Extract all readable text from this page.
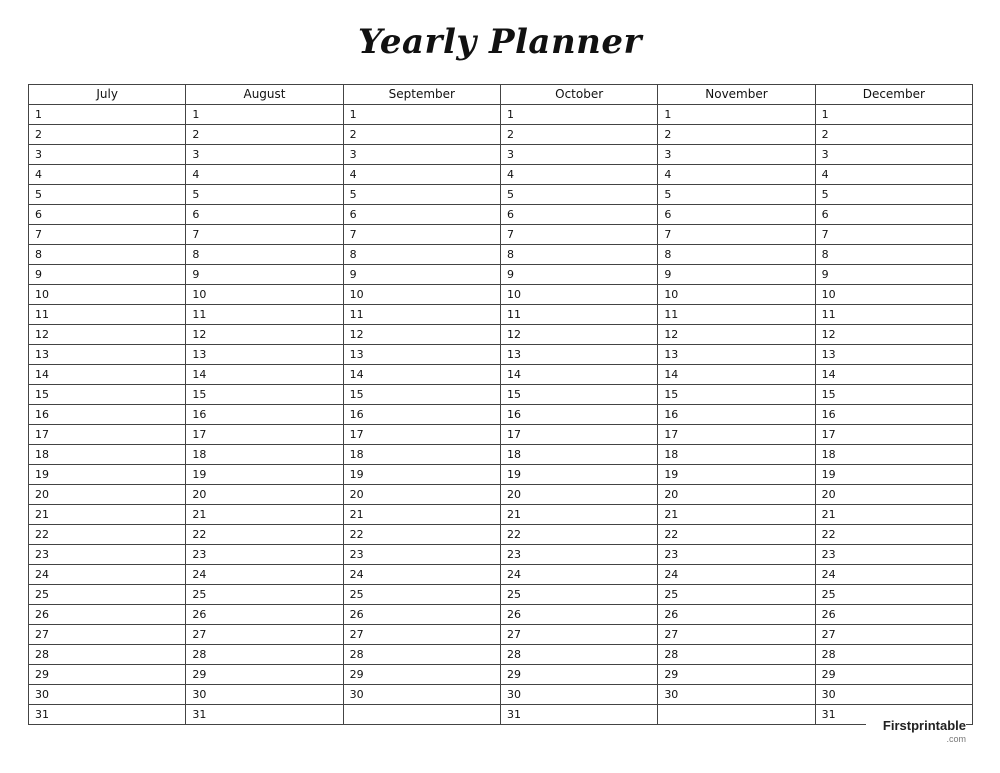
Yearly Planner
July	August	September	October	November	December
1	1	1	1	1	1
2	2	2	2	2	2
3	3	3	3	3	3
4	4	4	4	4	4
5	5	5	5	5	5
6	6	6	6	6	6
7	7	7	7	7	7
8	8	8	8	8	8
9	9	9	9	9	9
10	10	10	10	10	10
11	11	11	11	11	11
12	12	12	12	12	12
13	13	13	13	13	13
14	14	14	14	14	14
15	15	15	15	15	15
16	16	16	16	16	16
17	17	17	17	17	17
18	18	18	18	18	18
19	19	19	19	19	19
20	20	20	20	20	20
21	21	21	21	21	21
22	22	22	22	22	22
23	23	23	23	23	23
24	24	24	24	24	24
25	25	25	25	25	25
26	26	26	26	26	26
27	27	27	27	27	27
28	28	28	28	28	28
29	29	29	29	29	29
30	30	30	30	30	30
31	31		31		31
Firstprintable
.com
